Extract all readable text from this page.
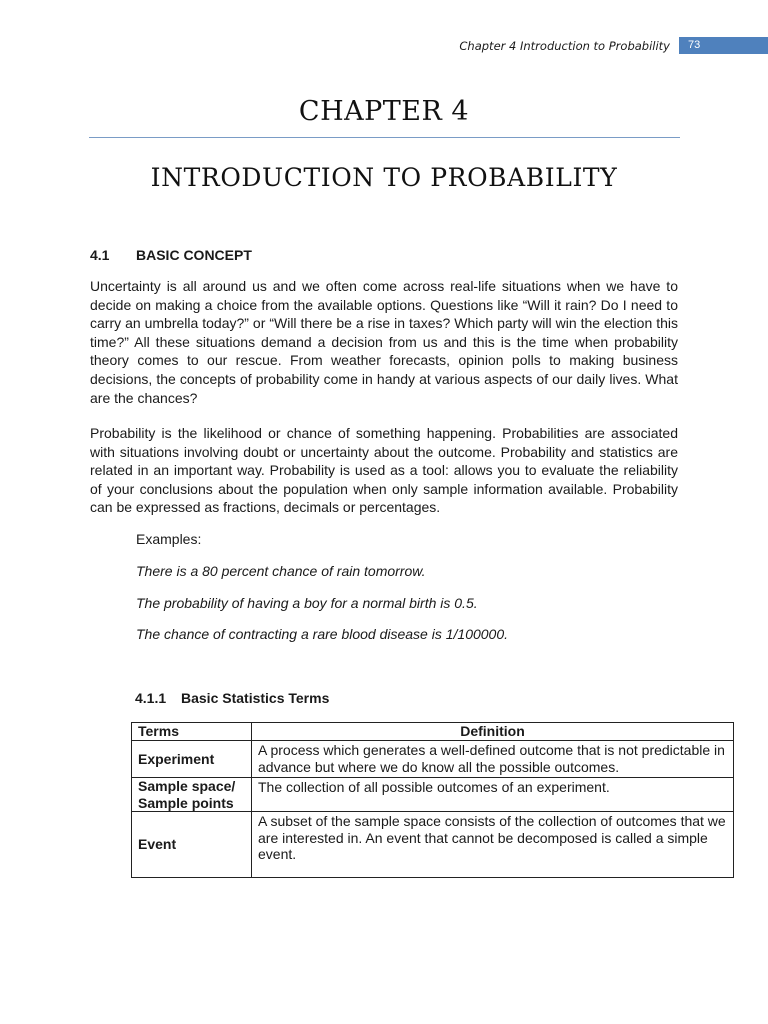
Chapter 4 Introduction to Probability	73
CHAPTER 4
INTRODUCTION TO PROBABILITY
4.1	BASIC CONCEPT

Uncertainty is all around us and we often come across real-life situations when we have to decide on making a choice from the available options. Questions like “Will it rain? Do I need to carry an umbrella today?” or “Will there be a rise in taxes? Which party will win the election this time?” All these situations demand a decision from us and this is the time when probability theory comes to our rescue. From weather forecasts, opinion polls to making business decisions, the concepts of probability come in handy at various aspects of our daily lives. What are the chances?

Probability is the likelihood or chance of something happening. Probabilities are associated with situations involving doubt or uncertainty about the outcome. Probability and statistics are related in an important way. Probability is used as a tool: allows you to evaluate the reliability of your conclusions about the population when only sample information available. Probability can be expressed as fractions, decimals or percentages.

Examples:
There is a 80 percent chance of rain tomorrow.
The probability of having a boy for a normal birth is 0.5.
The chance of contracting a rare blood disease is 1/100000.
4.1.1	Basic Statistics Terms
Terms	Definition
Experiment	A process which generates a well-defined outcome that is not predictable in advance but where we do know all the possible outcomes.
Sample space/ Sample points	The collection of all possible outcomes of an experiment.
Event	A subset of the sample space consists of the collection of outcomes that we are interested in. An event that cannot be decomposed is called a simple event.
